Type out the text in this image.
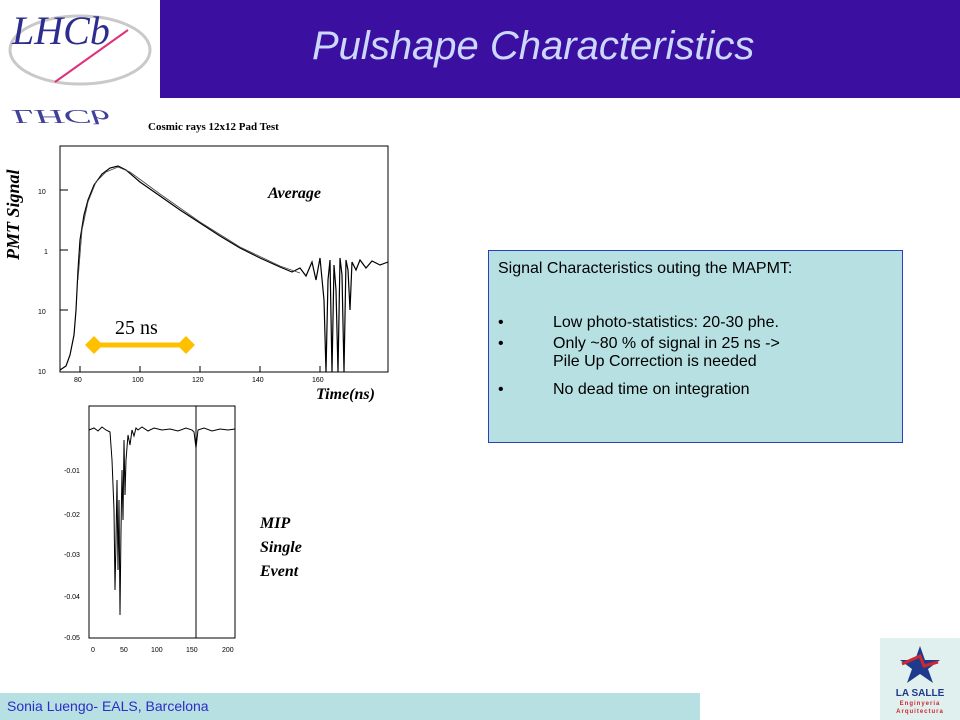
LHCb
LHCb
Pulshape Characteristics
Cosmic rays 12x12 Pad Test
10
1
10
10
80	100	120	140	160
PMT Signal	Average
Time(ns)
25 ns
-0.01
-0.02
-0.03
-0.04
-0.05
0	50	100	150	200
MIP
Single
Event
Signal Characteristics outing the MAPMT:
•	Low photo-statistics: 20-30 phe.
•	Only ~80 % of signal in 25 ns ->
Pile Up Correction is needed
•	No dead time on integration
Sonia Luengo- EALS, Barcelona
LA SALLE
Enginyeria
Arquitectura
